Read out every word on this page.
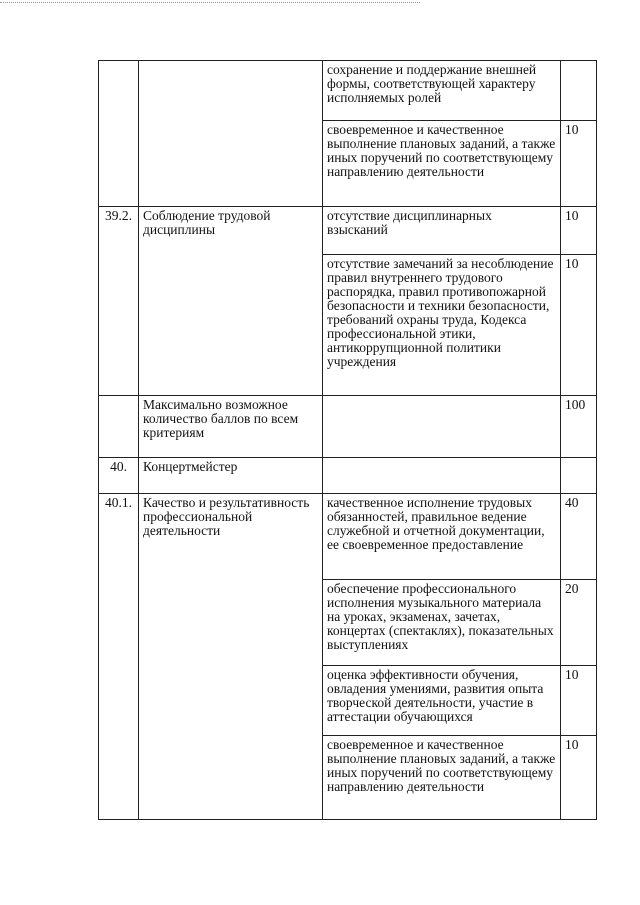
		сохранение и поддержание внешней формы, соответствующей характеру исполняемых ролей	
		своевременное и качественное выполнение плановых заданий, а также иных поручений по соответствующему направлению деятельности	10
39.2.	Соблюдение трудовой дисциплины	отсутствие дисциплинарных взысканий	10
		отсутствие замечаний за несоблюдение правил внутреннего трудового распорядка, правил противопожарной безопасности и техники безопасности, требований охраны труда, Кодекса профессиональной этики, антикоррупционной политики учреждения	10
	Максимально возможное количество баллов по всем критериям		100
40.	Концертмейстер		
40.1.	Качество и результативность профессиональной деятельности	качественное исполнение трудовых обязанностей, правильное ведение служебной и отчетной документации, ее своевременное предоставление	40
		обеспечение профессионального исполнения музыкального материала на уроках, экзаменах, зачетах, концертах (спектаклях), показательных выступлениях	20
		оценка эффективности обучения, овладения умениями, развития опыта творческой деятельности, участие в аттестации обучающихся	10
		своевременное и качественное выполнение плановых заданий, а также иных поручений по соответствующему направлению деятельности	10
